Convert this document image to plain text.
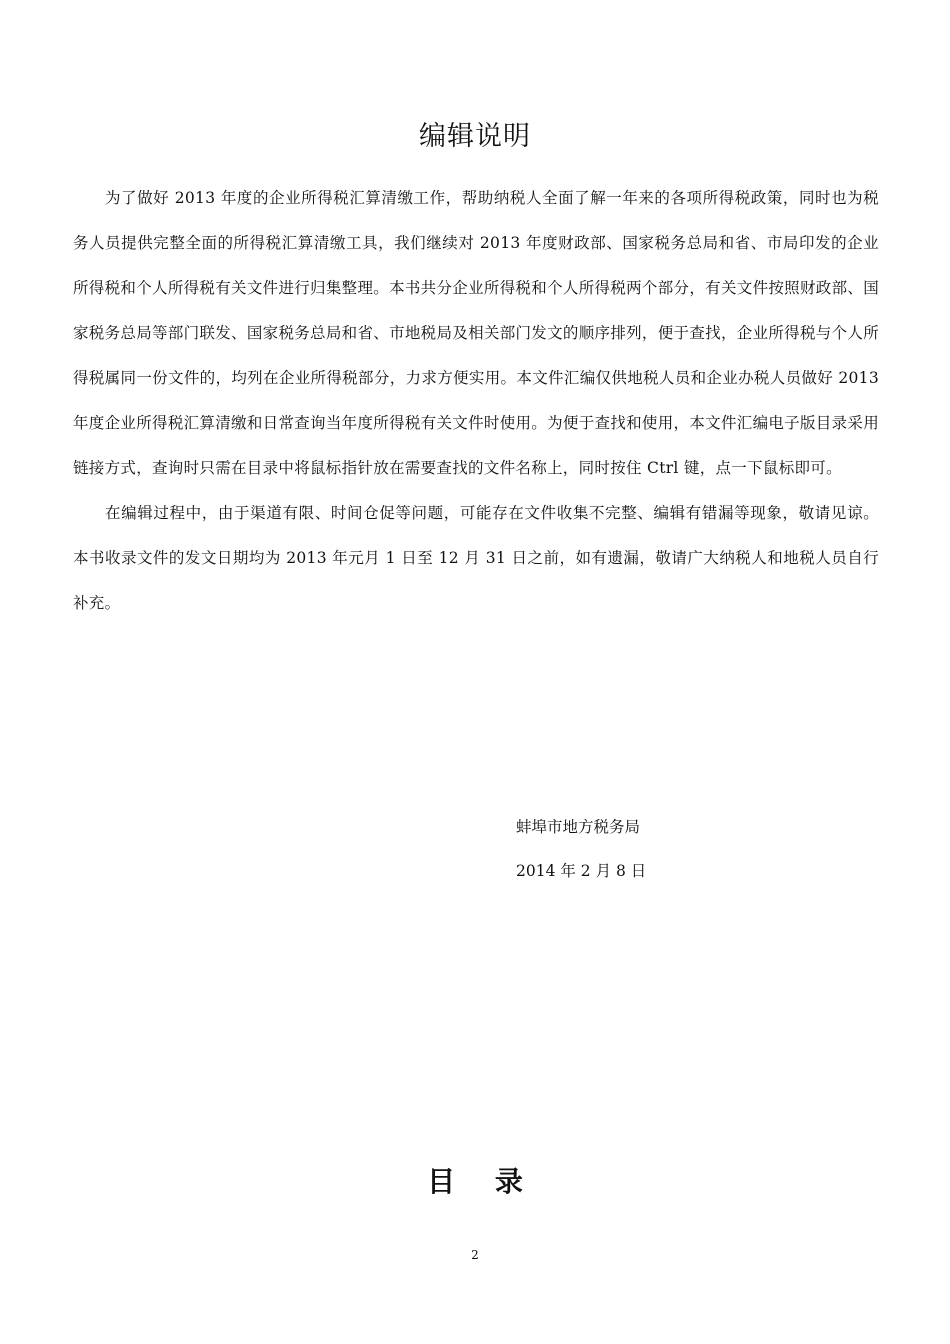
编辑说明

为了做好 2013 年度的企业所得税汇算清缴工作，帮助纳税人全面了解一年来的各项所得税政策，同时也为税务人员提供完整全面的所得税汇算清缴工具，我们继续对 2013 年度财政部、国家税务总局和省、市局印发的企业所得税和个人所得税有关文件进行归集整理。本书共分企业所得税和个人所得税两个部分，有关文件按照财政部、国家税务总局等部门联发、国家税务总局和省、市地税局及相关部门发文的顺序排列，便于查找，企业所得税与个人所得税属同一份文件的，均列在企业所得税部分，力求方便实用。本文件汇编仅供地税人员和企业办税人员做好 2013 年度企业所得税汇算清缴和日常查询当年度所得税有关文件时使用。为便于查找和使用，本文件汇编电子版目录采用链接方式，查询时只需在目录中将鼠标指针放在需要查找的文件名称上，同时按住 Ctrl 键，点一下鼠标即可。

在编辑过程中，由于渠道有限、时间仓促等问题，可能存在文件收集不完整、编辑有错漏等现象，敬请见谅。本书收录文件的发文日期均为 2013 年元月 1 日至 12 月 31 日之前，如有遗漏，敬请广大纳税人和地税人员自行补充。

蚌埠市地方税务局
2014 年 2 月 8 日
目 录
2
